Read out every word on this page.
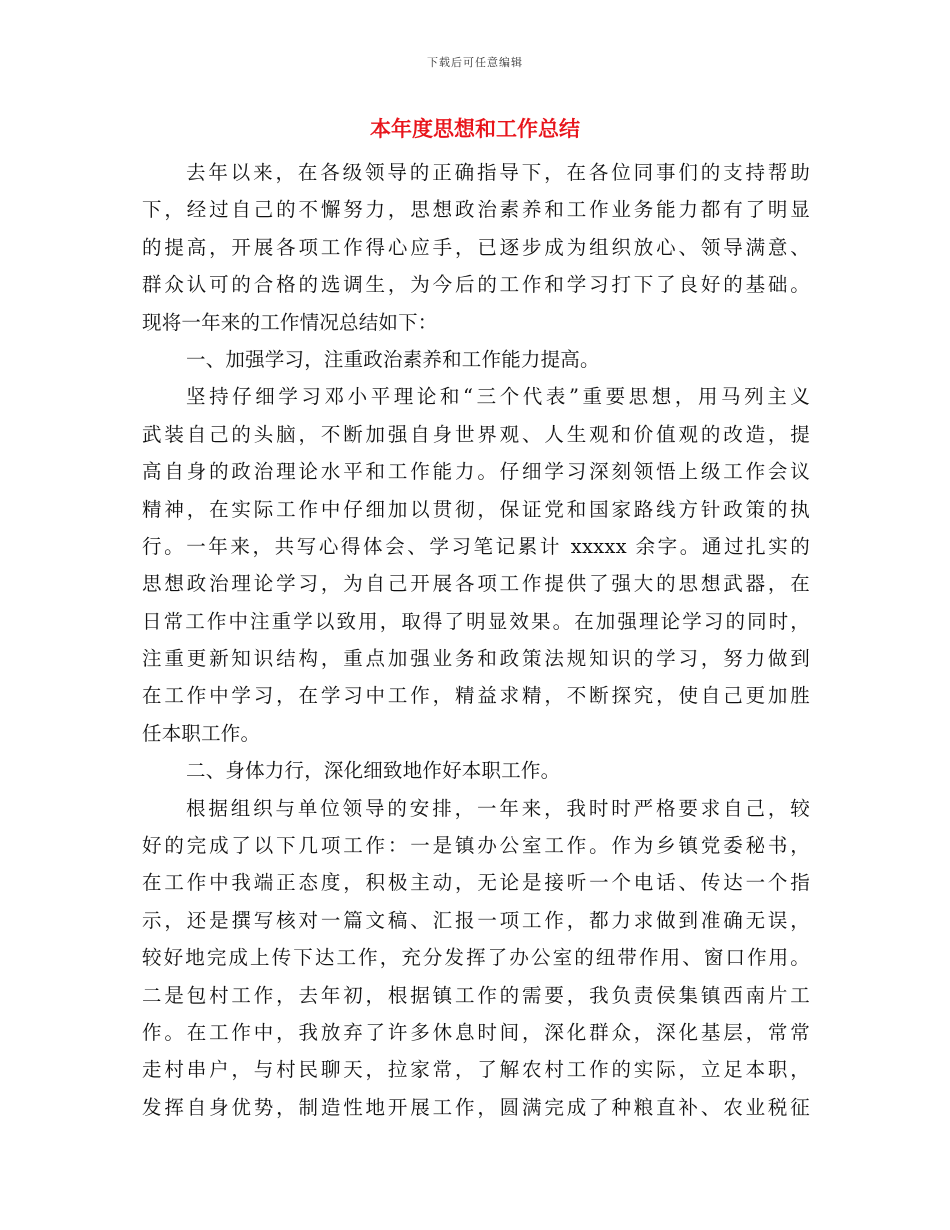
下载后可任意编辑
本年度思想和工作总结
去年以来，在各级领导的正确指导下，在各位同事们的支持帮助
下，经过自己的不懈努力，思想政治素养和工作业务能力都有了明显
的提高，开展各项工作得心应手，已逐步成为组织放心、领导满意、
群众认可的合格的选调生，为今后的工作和学习打下了良好的基础。
现将一年来的工作情况总结如下：
一、加强学习，注重政治素养和工作能力提高。
坚持仔细学习邓小平理论和“三个代表”重要思想，用马列主义
武装自己的头脑，不断加强自身世界观、人生观和价值观的改造，提
高自身的政治理论水平和工作能力。仔细学习深刻领悟上级工作会议
精神，在实际工作中仔细加以贯彻，保证党和国家路线方针政策的执
行。一年来，共写心得体会、学习笔记累计 xxxxx 余字。通过扎实的
思想政治理论学习，为自己开展各项工作提供了强大的思想武器，在
日常工作中注重学以致用，取得了明显效果。在加强理论学习的同时，
注重更新知识结构，重点加强业务和政策法规知识的学习，努力做到
在工作中学习，在学习中工作，精益求精，不断探究，使自己更加胜
任本职工作。
二、身体力行，深化细致地作好本职工作。
根据组织与单位领导的安排，一年来，我时时严格要求自己，较
好的完成了以下几项工作：一是镇办公室工作。作为乡镇党委秘书，
在工作中我端正态度，积极主动，无论是接听一个电话、传达一个指
示，还是撰写核对一篇文稿、汇报一项工作，都力求做到准确无误，
较好地完成上传下达工作，充分发挥了办公室的纽带作用、窗口作用。
二是包村工作，去年初，根据镇工作的需要，我负责侯集镇西南片工
作。在工作中，我放弃了许多休息时间，深化群众，深化基层，常常
走村串户，与村民聊天，拉家常，了解农村工作的实际，立足本职，
发挥自身优势，制造性地开展工作，圆满完成了种粮直补、农业税征
